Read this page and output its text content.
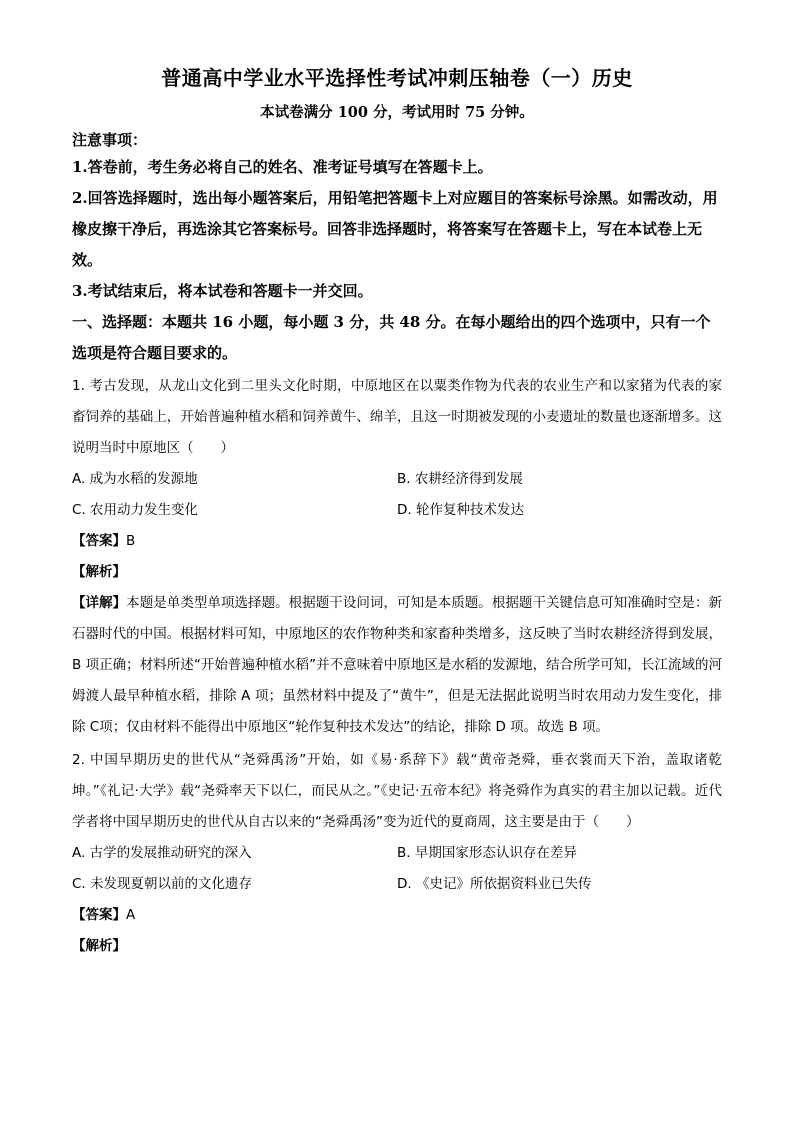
普通高中学业水平选择性考试冲刺压轴卷（一）历史
本试卷满分 100 分，考试用时 75 分钟。
注意事项：
1.答卷前，考生务必将自己的姓名、准考证号填写在答题卡上。
2.回答选择题时，选出每小题答案后，用铅笔把答题卡上对应题目的答案标号涂黑。如需改动，用橡皮擦干净后，再选涂其它答案标号。回答非选择题时，将答案写在答题卡上，写在本试卷上无效。
3.考试结束后，将本试卷和答题卡一并交回。
一、选择题：本题共 16 小题，每小题 3 分，共 48 分。在每小题给出的四个选项中，只有一个选项是符合题目要求的。
1. 考古发现，从龙山文化到二里头文化时期，中原地区在以粟类作物为代表的农业生产和以家猪为代表的家畜饲养的基础上，开始普遍种植水稻和饲养黄牛、绵羊，且这一时期被发现的小麦遗址的数量也逐渐增多。这说明当时中原地区（　　）
A. 成为水稻的发源地	B. 农耕经济得到发展
C. 农用动力发生变化	D. 轮作复种技术发达
【答案】B
【解析】
【详解】本题是单类型单项选择题。根据题干设问词，可知是本质题。根据题干关键信息可知准确时空是：新石器时代的中国。根据材料可知，中原地区的农作物种类和家畜种类增多，这反映了当时农耕经济得到发展，B 项正确；材料所述“开始普遍种植水稻”并不意味着中原地区是水稻的发源地，结合所学可知，长江流域的河姆渡人最早种植水稻，排除 A 项；虽然材料中提及了“黄牛”，但是无法据此说明当时农用动力发生变化，排除 C项；仅由材料不能得出中原地区“轮作复种技术发达”的结论，排除 D 项。故选 B 项。
2. 中国早期历史的世代从“尧舜禹汤”开始，如《易·系辞下》载“黄帝尧舜，垂衣裳而天下治，盖取诸乾坤。”《礼记·大学》载“尧舜率天下以仁，而民从之。”《史记·五帝本纪》将尧舜作为真实的君主加以记载。近代学者将中国早期历史的世代从自古以来的“尧舜禹汤”变为近代的夏商周，这主要是由于（　　）
A. 古学的发展推动研究的深入	B. 早期国家形态认识存在差异
C. 未发现夏朝以前的文化遗存	D. 《史记》所依据资料业已失传
【答案】A
【解析】
